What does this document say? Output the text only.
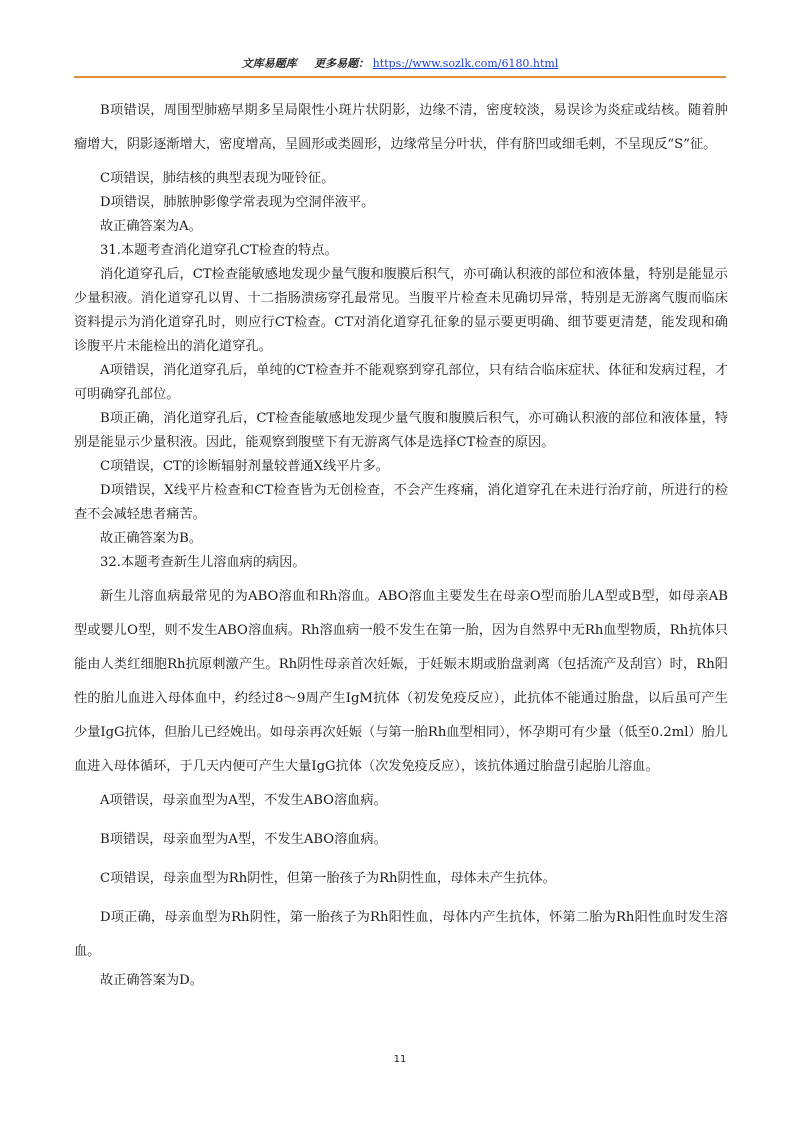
文库易题库 更多易题： https://www.sozlk.com/6180.html

B项错误，周围型肺癌早期多呈局限性小斑片状阴影，边缘不清，密度较淡，易误诊为炎症或结核。随着肿瘤增大，阴影逐渐增大，密度增高，呈圆形或类圆形，边缘常呈分叶状，伴有脐凹或细毛刺，不呈现反“S”征。

C项错误，肺结核的典型表现为哑铃征。

D项错误，肺脓肿影像学常表现为空洞伴液平。

故正确答案为A。

31.本题考查消化道穿孔CT检查的特点。

消化道穿孔后，CT检查能敏感地发现少量气腹和腹膜后积气，亦可确认积液的部位和液体量，特别是能显示少量积液。消化道穿孔以胃、十二指肠溃疡穿孔最常见。当腹平片检查未见确切异常，特别是无游离气腹而临床资料提示为消化道穿孔时，则应行CT检查。CT对消化道穿孔征象的显示要更明确、细节要更清楚，能发现和确诊腹平片未能检出的消化道穿孔。

A项错误，消化道穿孔后，单纯的CT检查并不能观察到穿孔部位，只有结合临床症状、体征和发病过程，才可明确穿孔部位。

B项正确，消化道穿孔后，CT检查能敏感地发现少量气腹和腹膜后积气，亦可确认积液的部位和液体量，特别是能显示少量积液。因此，能观察到腹壁下有无游离气体是选择CT检查的原因。

C项错误，CT的诊断辐射剂量较普通X线平片多。

D项错误，X线平片检查和CT检查皆为无创检查，不会产生疼痛，消化道穿孔在未进行治疗前，所进行的检查不会减轻患者痛苦。

故正确答案为B。

32.本题考查新生儿溶血病的病因。

新生儿溶血病最常见的为ABO溶血和Rh溶血。ABO溶血主要发生在母亲O型而胎儿A型或B型，如母亲AB型或婴儿O型，则不发生ABO溶血病。Rh溶血病一般不发生在第一胎，因为自然界中无Rh血型物质，Rh抗体只能由人类红细胞Rh抗原刺激产生。Rh阴性母亲首次妊娠，于妊娠末期或胎盘剥离（包括流产及刮宫）时，Rh阳性的胎儿血进入母体血中，约经过8～9周产生IgM抗体（初发免疫反应），此抗体不能通过胎盘，以后虽可产生少量IgG抗体，但胎儿已经娩出。如母亲再次妊娠（与第一胎Rh血型相同），怀孕期可有少量（低至0.2ml）胎儿血进入母体循环，于几天内便可产生大量IgG抗体（次发免疫反应），该抗体通过胎盘引起胎儿溶血。

A项错误，母亲血型为A型，不发生ABO溶血病。

B项错误，母亲血型为A型，不发生ABO溶血病。

C项错误，母亲血型为Rh阴性，但第一胎孩子为Rh阴性血，母体未产生抗体。

D项正确，母亲血型为Rh阴性，第一胎孩子为Rh阳性血，母体内产生抗体，怀第二胎为Rh阳性血时发生溶血。

故正确答案为D。

11
